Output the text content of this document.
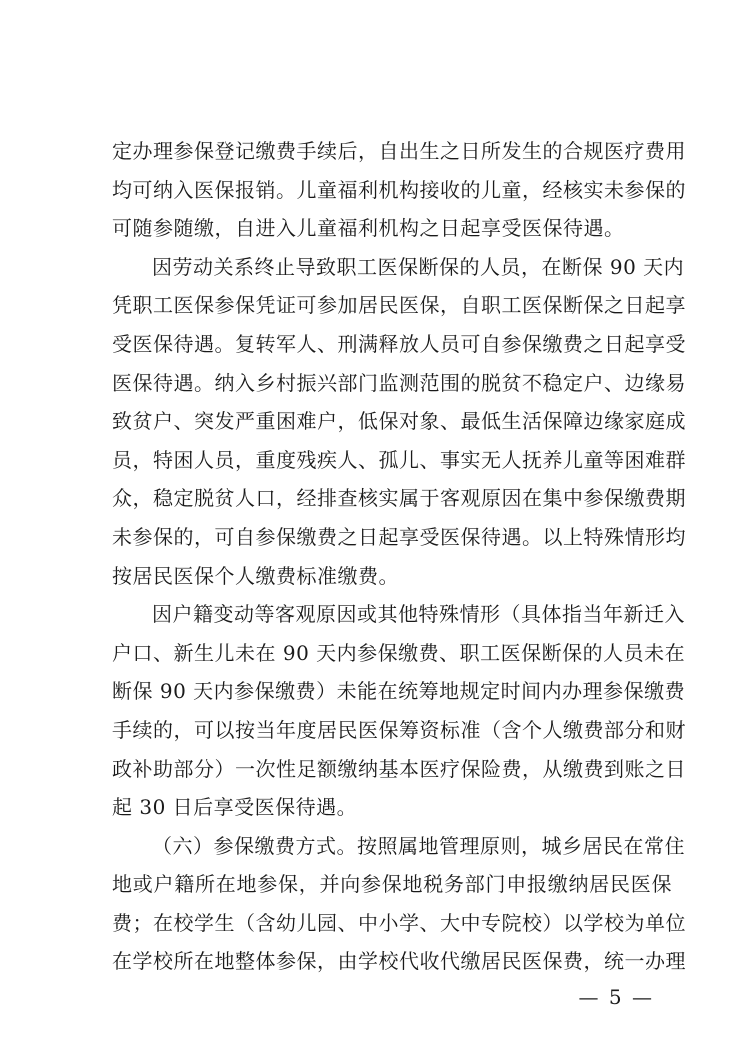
定办理参保登记缴费手续后，自出生之日所发生的合规医疗费用
均可纳入医保报销。儿童福利机构接收的儿童，经核实未参保的
可随参随缴，自进入儿童福利机构之日起享受医保待遇。
因劳动关系终止导致职工医保断保的人员，在断保 90 天内
凭职工医保参保凭证可参加居民医保，自职工医保断保之日起享
受医保待遇。复转军人、刑满释放人员可自参保缴费之日起享受
医保待遇。纳入乡村振兴部门监测范围的脱贫不稳定户、边缘易
致贫户、突发严重困难户，低保对象、最低生活保障边缘家庭成
员，特困人员，重度残疾人、孤儿、事实无人抚养儿童等困难群
众，稳定脱贫人口，经排查核实属于客观原因在集中参保缴费期
未参保的，可自参保缴费之日起享受医保待遇。以上特殊情形均
按居民医保个人缴费标准缴费。
因户籍变动等客观原因或其他特殊情形（具体指当年新迁入
户口、新生儿未在 90 天内参保缴费、职工医保断保的人员未在
断保 90 天内参保缴费）未能在统筹地规定时间内办理参保缴费
手续的，可以按当年度居民医保筹资标准（含个人缴费部分和财
政补助部分）一次性足额缴纳基本医疗保险费，从缴费到账之日
起 30 日后享受医保待遇。
（六）参保缴费方式。按照属地管理原则，城乡居民在常住
地或户籍所在地参保，并向参保地税务部门申报缴纳居民医保
费；在校学生（含幼儿园、中小学、大中专院校）以学校为单位
在学校所在地整体参保，由学校代收代缴居民医保费，统一办理
— 5 —
